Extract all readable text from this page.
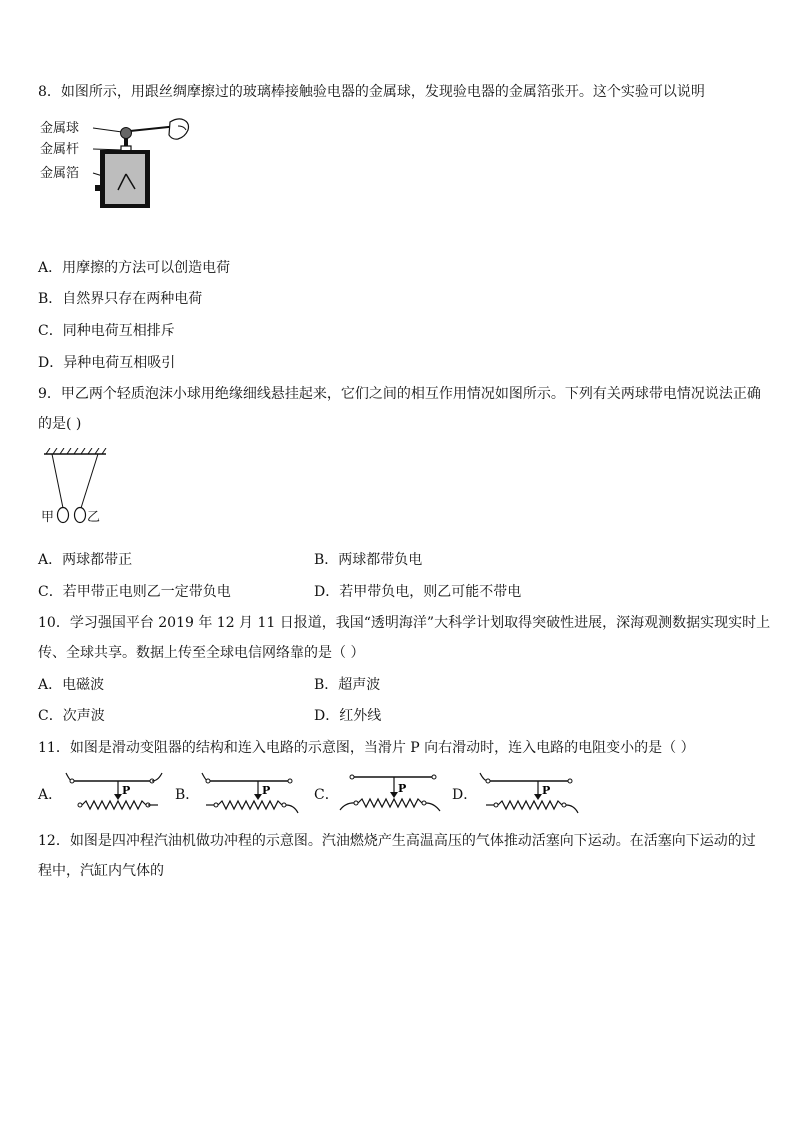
8．如图所示，用跟丝绸摩擦过的玻璃棒接触验电器的金属球，发现验电器的金属箔张开。这个实验可以说明
金属球
金属杆
金属箔
A．用摩擦的方法可以创造电荷
B．自然界只存在两种电荷
C．同种电荷互相排斥
D．异种电荷互相吸引
9．甲乙两个轻质泡沫小球用绝缘细线悬挂起来，它们之间的相互作用情况如图所示。下列有关两球带电情况说法正确
的是( )
甲	乙
A．两球都带正	B．两球都带负电
C．若甲带正电则乙一定带负电	D．若甲带负电，则乙可能不带电
10．学习强国平台 2019 年 12 月 11 日报道，我国“透明海洋”大科学计划取得突破性进展，深海观测数据实现实时上
传、全球共享。数据上传至全球电信网络靠的是（ ）
A．电磁波	B．超声波
C．次声波	D．红外线
11．如图是滑动变阻器的结构和连入电路的示意图，当滑片 P 向右滑动时，连入电路的电阻变小的是（ ）
A．	P	B．	P	C．	P	D．	P
12．如图是四冲程汽油机做功冲程的示意图。汽油燃烧产生高温高压的气体推动活塞向下运动。在活塞向下运动的过
程中，汽缸内气体的
